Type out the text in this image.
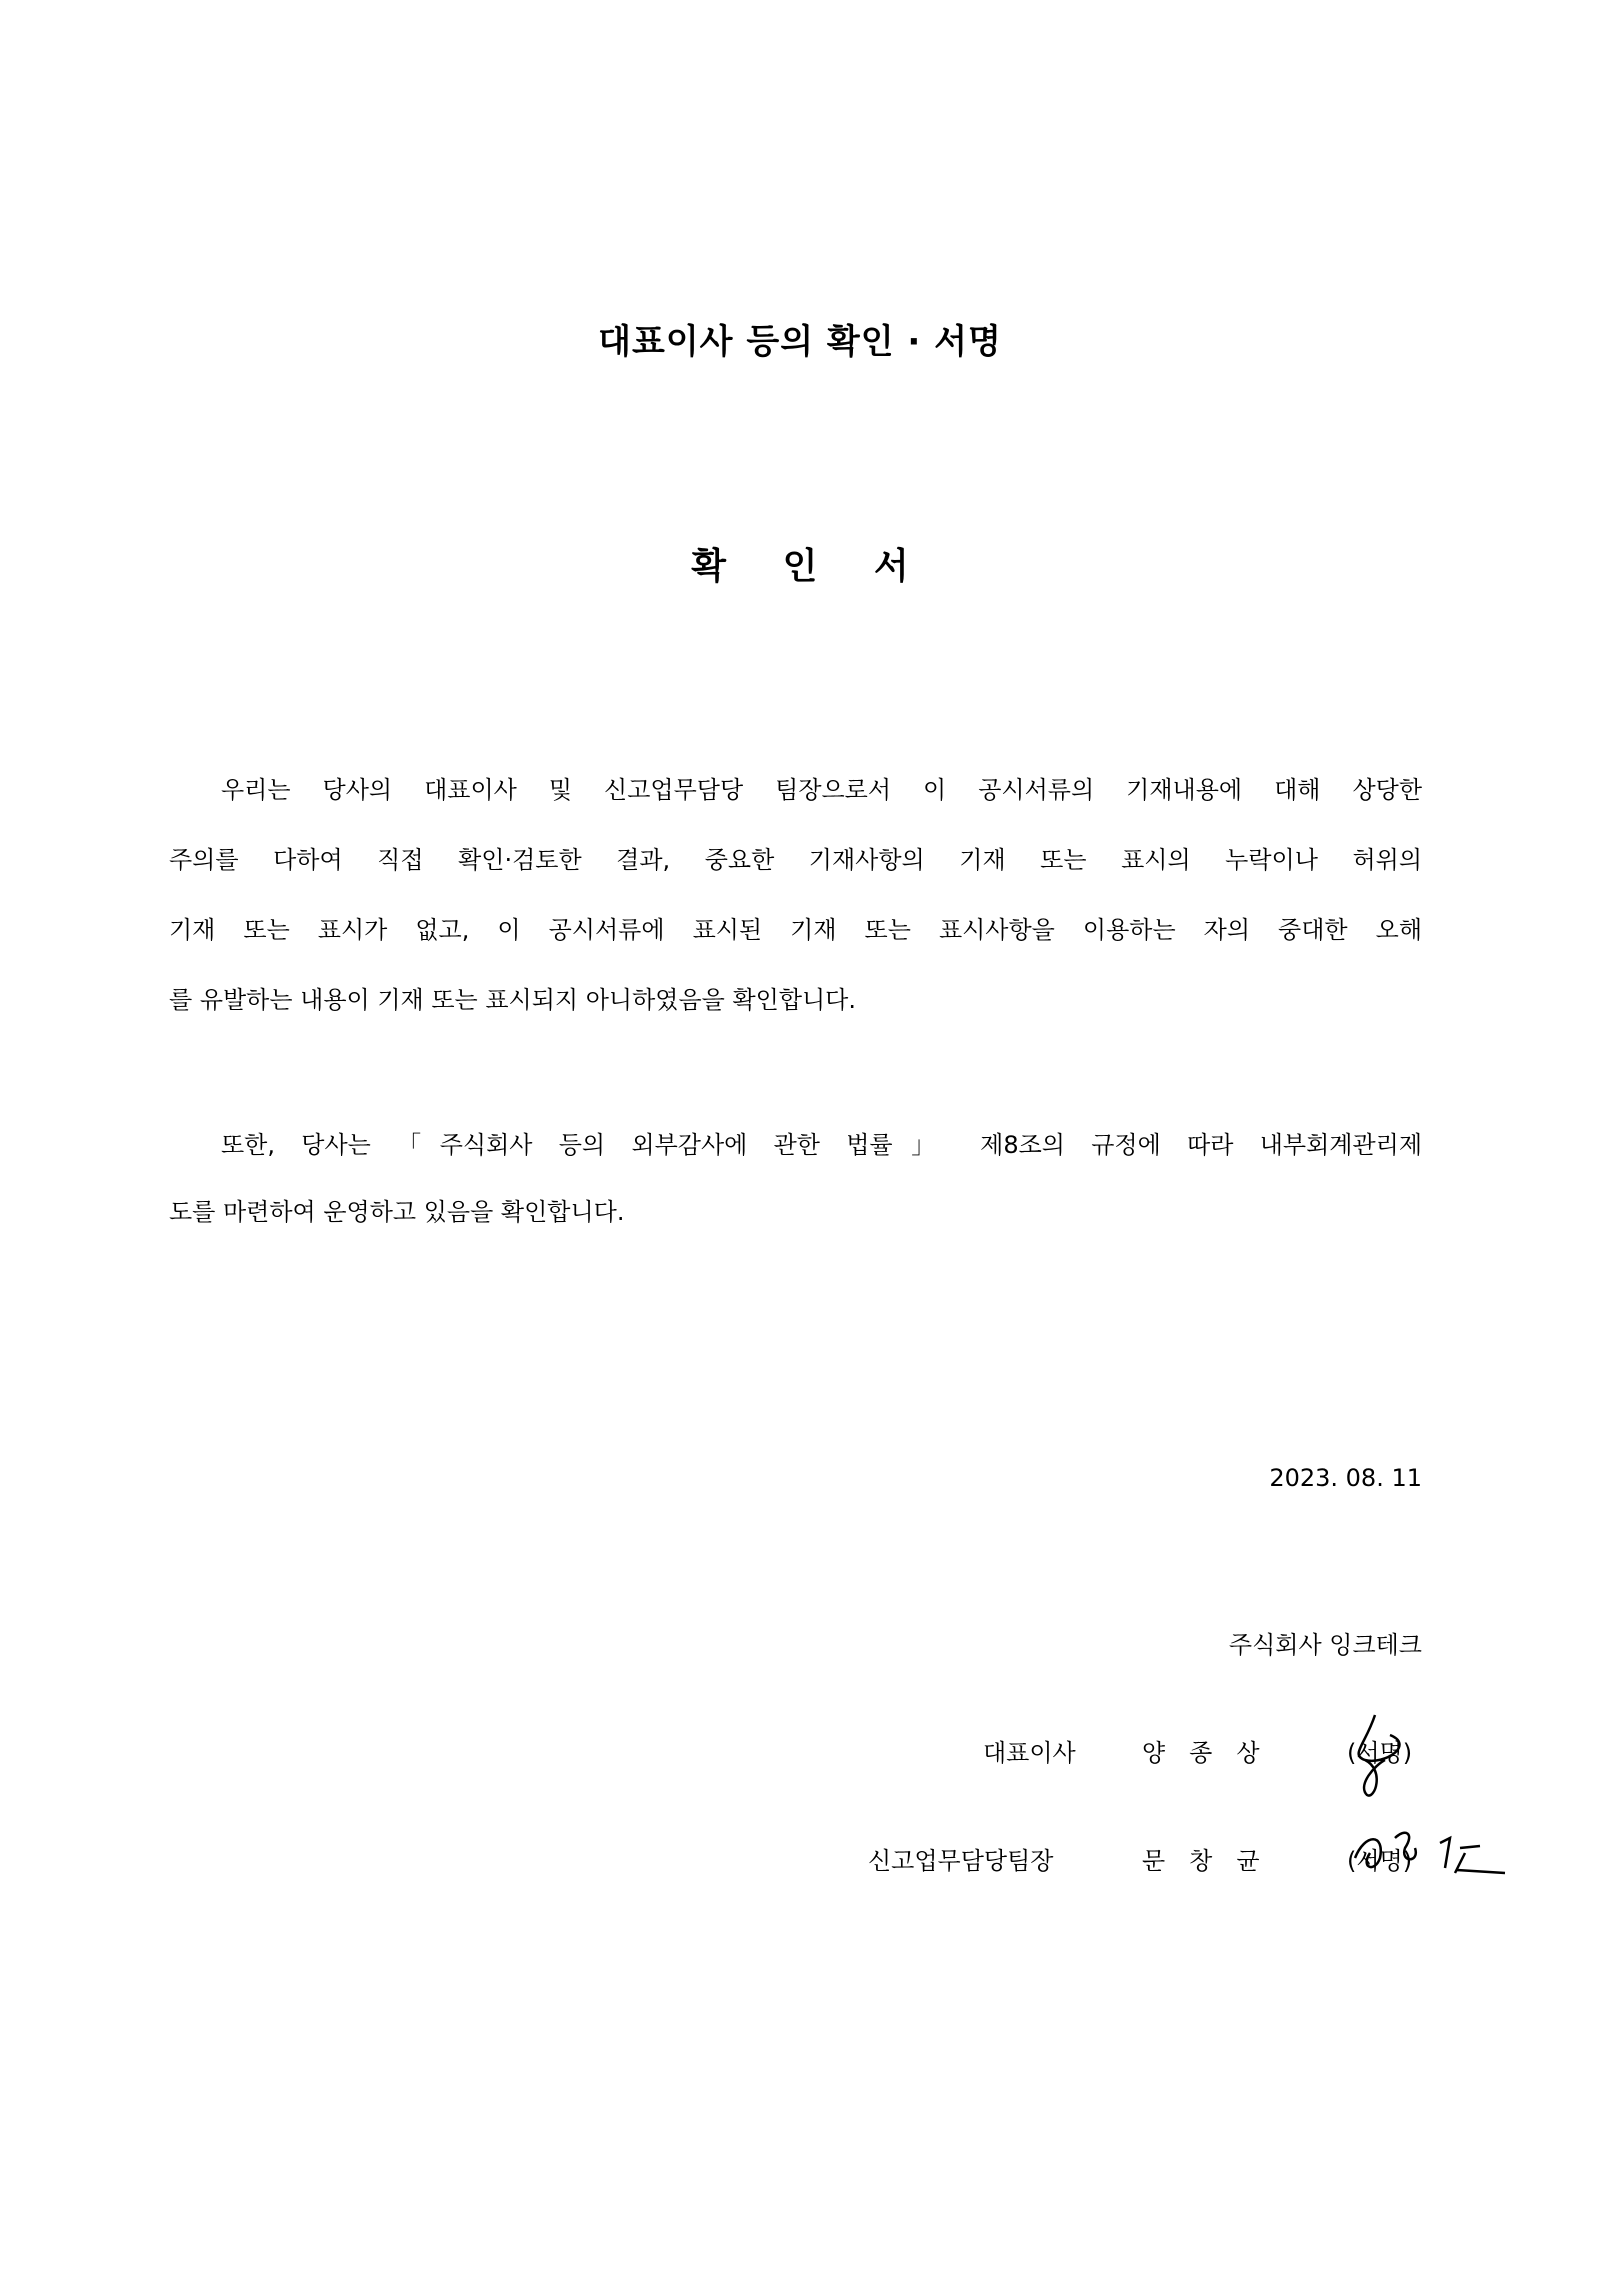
대표이사 등의 확인 · 서명
확 인 서
우리는 당사의 대표이사 및 신고업무담당 팀장으로서 이 공시서류의 기재내용에 대해 상당한
주의를 다하여 직접 확인·검토한 결과, 중요한 기재사항의 기재 또는 표시의 누락이나 허위의
기재 또는 표시가 없고, 이 공시서류에 표시된 기재 또는 표시사항을 이용하는 자의 중대한 오해
를 유발하는 내용이 기재 또는 표시되지 아니하였음을 확인합니다.
또한, 당사는 「주식회사 등의 외부감사에 관한 법률」 제8조의 규정에 따라 내부회계관리제
도를 마련하여 운영하고 있음을 확인합니다.
2023. 08. 11
주식회사 잉크테크
대표이사	양종상	(서명)
신고업무담당팀장	문창균	(서명)
